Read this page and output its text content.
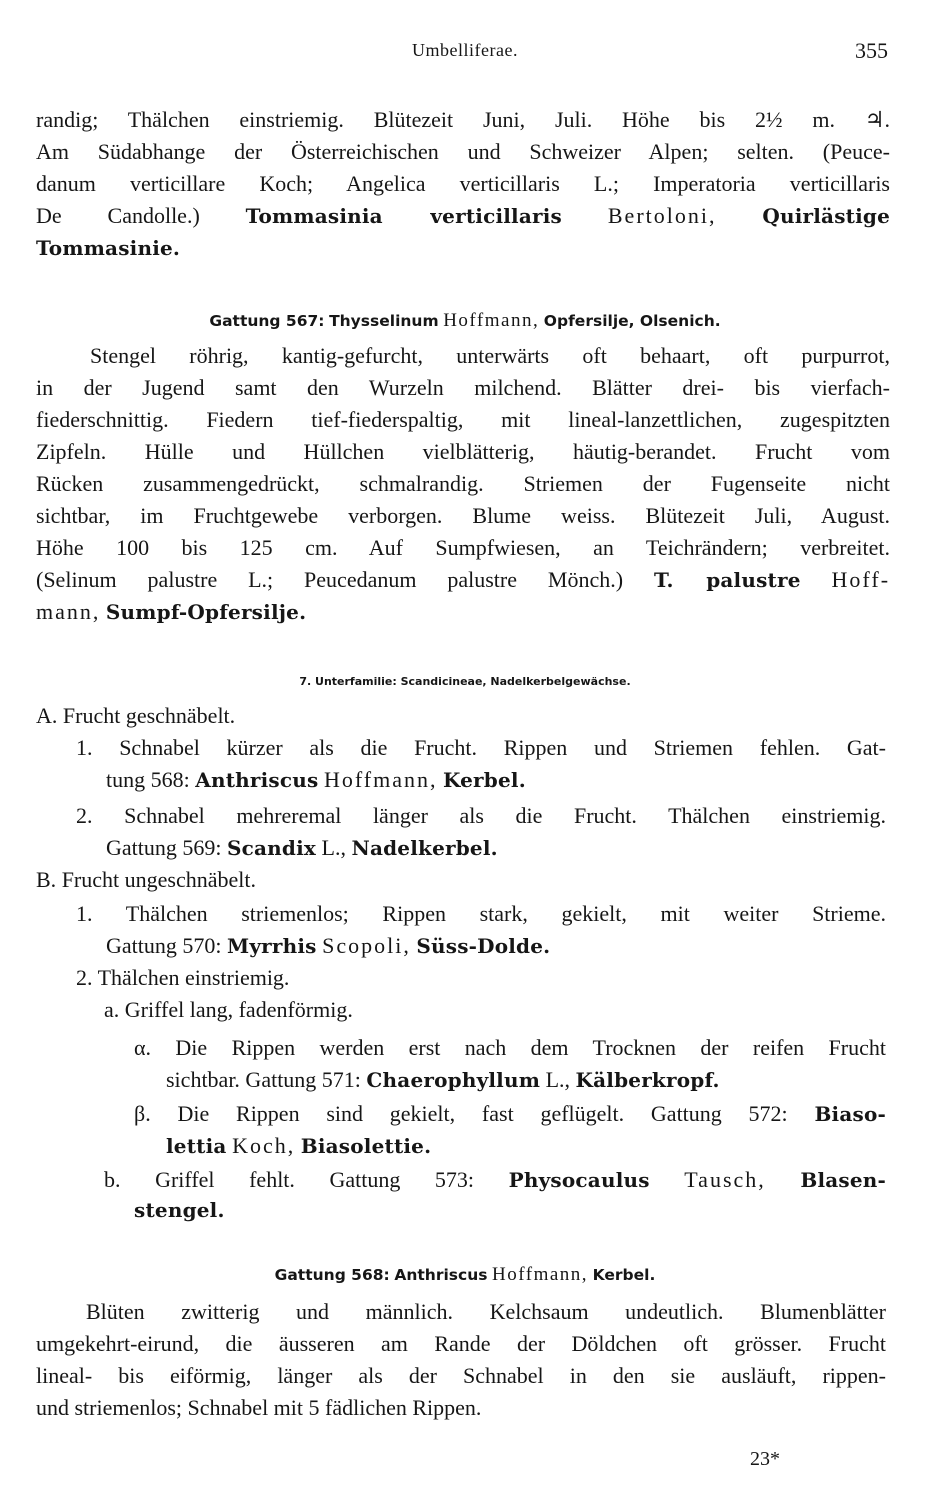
Umbelliferae.	355
randig; Thälchen einstriemig. Blütezeit Juni, Juli. Höhe bis 2½ m. ♃.
Am Südabhange der Österreichischen und Schweizer Alpen; selten. (Peuce-
danum verticillare Koch; Angelica verticillaris L.; Imperatoria verticillaris
De Candolle.) Tommasinia verticillaris Bertoloni, Quirlästige
Tommasinie.
Gattung 567: Thysselinum Hoffmann, Opfersilje, Olsenich.
Stengel röhrig, kantig-gefurcht, unterwärts oft behaart, oft purpurrot,
in der Jugend samt den Wurzeln milchend. Blätter drei- bis vierfach-
fiederschnittig. Fiedern tief-fiederspaltig, mit lineal-lanzettlichen, zugespitzten
Zipfeln. Hülle und Hüllchen vielblätterig, häutig-berandet. Frucht vom
Rücken zusammengedrückt, schmalrandig. Striemen der Fugenseite nicht
sichtbar, im Fruchtgewebe verborgen. Blume weiss. Blütezeit Juli, August.
Höhe 100 bis 125 cm. Auf Sumpfwiesen, an Teichrändern; verbreitet.
(Selinum palustre L.; Peucedanum palustre Mönch.) T. palustre Hoff-
mann, Sumpf-Opfersilje.
7. Unterfamilie: Scandicineae, Nadelkerbelgewächse.
A. Frucht geschnäbelt.
1. Schnabel kürzer als die Frucht. Rippen und Striemen fehlen. Gat-
tung 568: Anthriscus Hoffmann, Kerbel.
2. Schnabel mehreremal länger als die Frucht. Thälchen einstriemig.
Gattung 569: Scandix L., Nadelkerbel.
B. Frucht ungeschnäbelt.
1. Thälchen striemenlos; Rippen stark, gekielt, mit weiter Strieme.
Gattung 570: Myrrhis Scopoli, Süss-Dolde.
2. Thälchen einstriemig.
a. Griffel lang, fadenförmig.
α. Die Rippen werden erst nach dem Trocknen der reifen Frucht
sichtbar. Gattung 571: Chaerophyllum L., Kälberkropf.
β. Die Rippen sind gekielt, fast geflügelt. Gattung 572: Biaso-
lettia Koch, Biasolettie.
b. Griffel fehlt. Gattung 573: Physocaulus Tausch, Blasen-
stengel.
Gattung 568: Anthriscus Hoffmann, Kerbel.
Blüten zwitterig und männlich. Kelchsaum undeutlich. Blumenblätter
umgekehrt-eirund, die äusseren am Rande der Döldchen oft grösser. Frucht
lineal- bis eiförmig, länger als der Schnabel in den sie ausläuft, rippen-
und striemenlos; Schnabel mit 5 fädlichen Rippen.
23*
